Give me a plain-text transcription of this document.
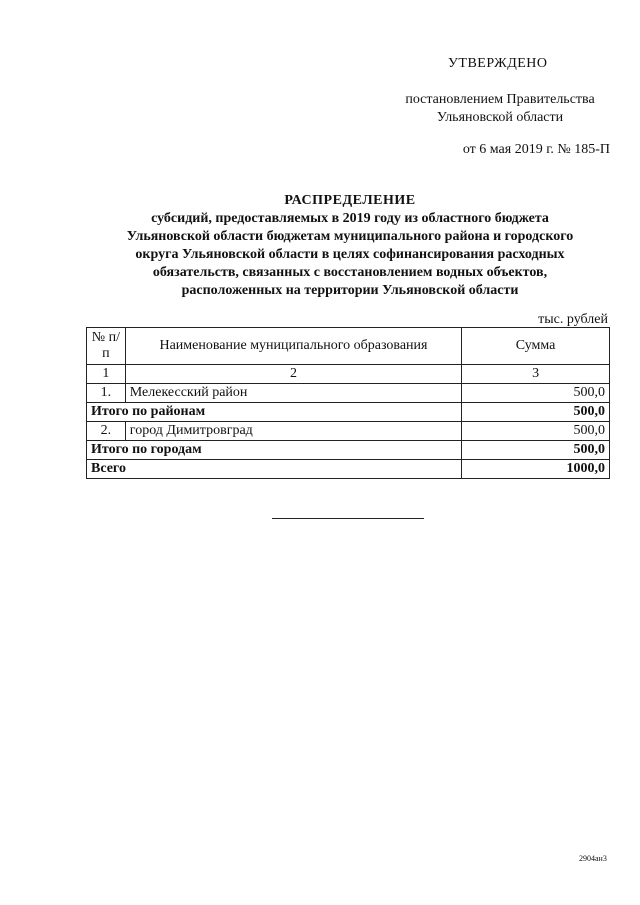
УТВЕРЖДЕНО
постановлением Правительства
Ульяновской области
от 6 мая 2019 г. № 185-П
РАСПРЕДЕЛЕНИЕ
субсидий, предоставляемых в 2019 году из областного бюджета
Ульяновской области бюджетам муниципального района и городского
округа Ульяновской области в целях софинансирования расходных
обязательств, связанных с восстановлением водных объектов,
расположенных на территории Ульяновской области
тыс. рублей
№ п/п	Наименование муниципального образования	Сумма
1	2	3
1.	Мелекесский район	500,0
Итого по районам		500,0
2.	город Димитровград	500,0
Итого по городам		500,0
Всего		1000,0
2904ан3
